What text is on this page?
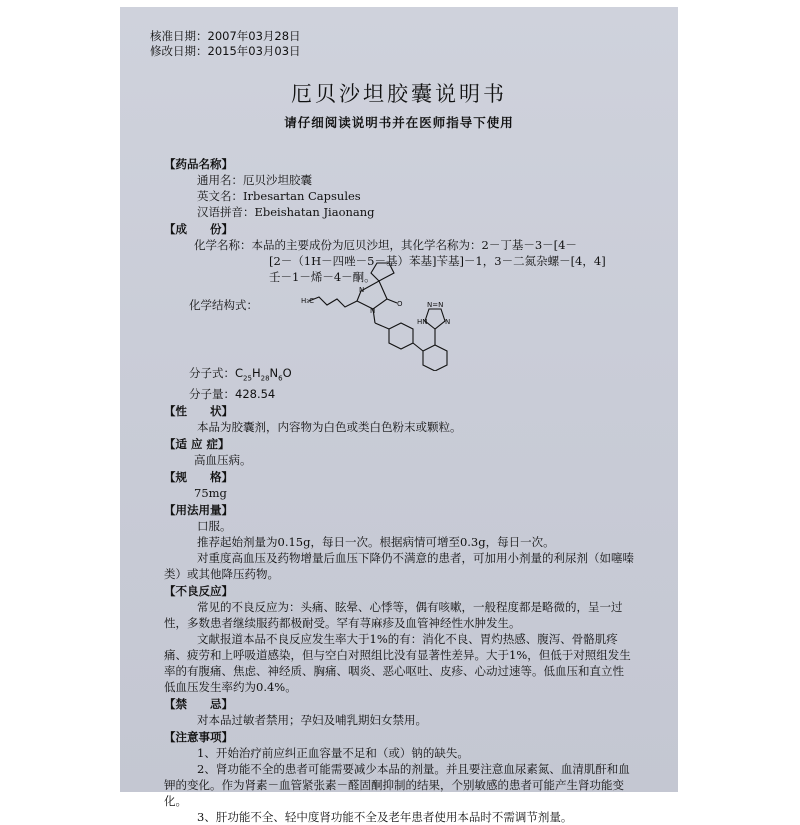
核准日期：2007年03月28日
修改日期：2015年03月03日
厄贝沙坦胶囊说明书
请仔细阅读说明书并在医师指导下使用
【药品名称】
通用名：厄贝沙坦胶囊
英文名：Irbesartan Capsules
汉语拼音：Ebeishatan Jiaonang
【成　　份】
化学名称：本品的主要成份为厄贝沙坦，其化学名称为：2－丁基－3－[4－
[2－（1H－四唑－5－基）苯基]苄基]－1，3－二氮杂螺－[4，4]
壬－1－烯－4－酮。
化学结构式：	H₃C
N
N
O
HN
N=N
N
分子式：$C_{25}H_{28}N_6O$
分子量：428.54
【性　　状】
本品为胶囊剂，内容物为白色或类白色粉末或颗粒。
【适 应 症】
高血压病。
【规　　格】
75mg
【用法用量】
口服。
推荐起始剂量为0.15g，每日一次。根据病情可增至0.3g，每日一次。
对重度高血压及药物增量后血压下降仍不满意的患者，可加用小剂量的利尿剂（如噻嗪类）或其他降压药物。
【不良反应】
常见的不良反应为：头痛、眩晕、心悸等，偶有咳嗽，一般程度都是略微的，呈一过性，多数患者继续服药都极耐受。罕有荨麻疹及血管神经性水肿发生。
文献报道本品不良反应发生率大于1%的有：消化不良、胃灼热感、腹泻、骨骼肌疼痛、疲劳和上呼吸道感染，但与空白对照组比没有显著性差异。大于1%，但低于对照组发生率的有腹痛、焦虑、神经质、胸痛、咽炎、恶心呕吐、皮疹、心动过速等。低血压和直立性低血压发生率约为0.4%。
【禁　　忌】
对本品过敏者禁用；孕妇及哺乳期妇女禁用。
【注意事项】
1、开始治疗前应纠正血容量不足和（或）钠的缺失。
2、肾功能不全的患者可能需要减少本品的剂量。并且要注意血尿素氮、血清肌酐和血钾的变化。作为肾素－血管紧张素－醛固酮抑制的结果，个别敏感的患者可能产生肾功能变化。
3、肝功能不全、轻中度肾功能不全及老年患者使用本品时不需调节剂量。
